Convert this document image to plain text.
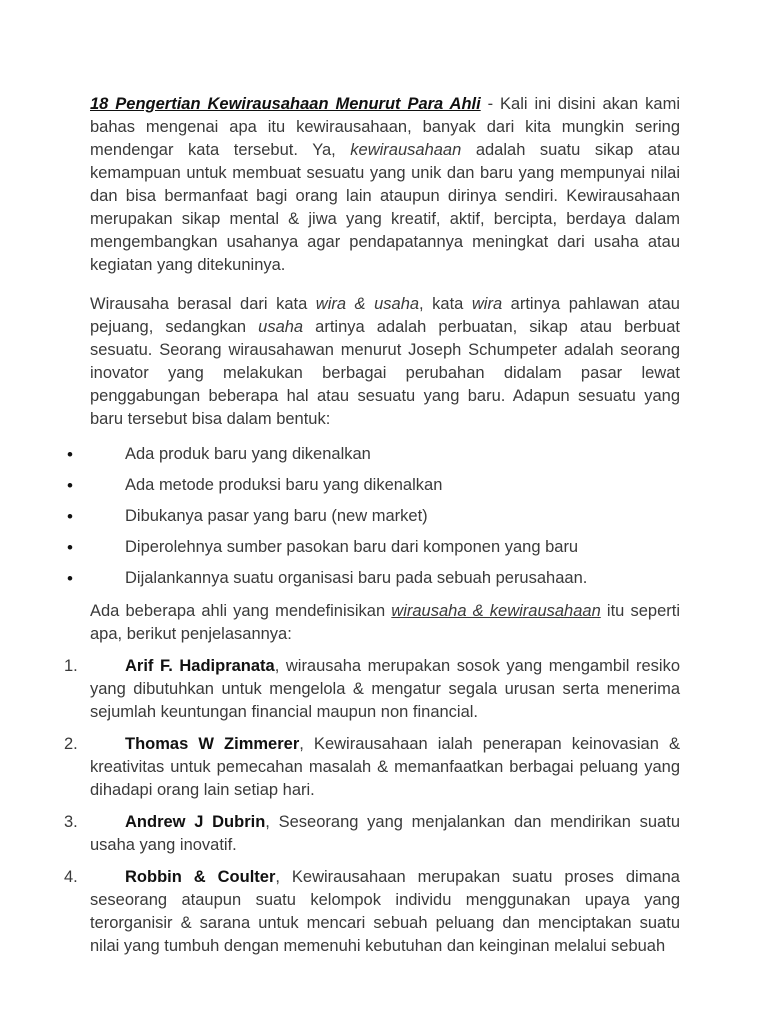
18 Pengertian Kewirausahaan Menurut Para Ahli - Kali ini disini akan kami bahas mengenai apa itu kewirausahaan, banyak dari kita mungkin sering mendengar kata tersebut. Ya, kewirausahaan adalah suatu sikap atau kemampuan untuk membuat sesuatu yang unik dan baru yang mempunyai nilai dan bisa bermanfaat bagi orang lain ataupun dirinya sendiri. Kewirausahaan merupakan sikap mental & jiwa yang kreatif, aktif, bercipta, berdaya dalam mengembangkan usahanya agar pendapatannya meningkat dari usaha atau kegiatan yang ditekuninya.

Wirausaha berasal dari kata wira & usaha, kata wira artinya pahlawan atau pejuang, sedangkan usaha artinya adalah perbuatan, sikap atau berbuat sesuatu. Seorang wirausahawan menurut Joseph Schumpeter adalah seorang inovator yang melakukan berbagai perubahan didalam pasar lewat penggabungan beberapa hal atau sesuatu yang baru. Adapun sesuatu yang baru tersebut bisa dalam bentuk:

•	Ada produk baru yang dikenalkan
•	Ada metode produksi baru yang dikenalkan
•	Dibukanya pasar yang baru (new market)
•	Diperolehnya sumber pasokan baru dari komponen yang baru
•	Dijalankannya suatu organisasi baru pada sebuah perusahaan.

Ada beberapa ahli yang mendefinisikan wirausaha & kewirausahaan itu seperti apa, berikut penjelasannya:

1.	Arif F. Hadipranata, wirausaha merupakan sosok yang mengambil resiko yang dibutuhkan untuk mengelola & mengatur segala urusan serta menerima sejumlah keuntungan financial maupun non financial.

2.	Thomas W Zimmerer, Kewirausahaan ialah penerapan keinovasian & kreativitas untuk pemecahan masalah & memanfaatkan berbagai peluang yang dihadapi orang lain setiap hari.

3.	Andrew J Dubrin, Seseorang yang menjalankan dan mendirikan suatu usaha yang inovatif.

4.	Robbin & Coulter, Kewirausahaan merupakan suatu proses dimana seseorang ataupun suatu kelompok individu menggunakan upaya yang terorganisir & sarana untuk mencari sebuah peluang dan menciptakan suatu nilai yang tumbuh dengan memenuhi kebutuhan dan keinginan melalui sebuah
